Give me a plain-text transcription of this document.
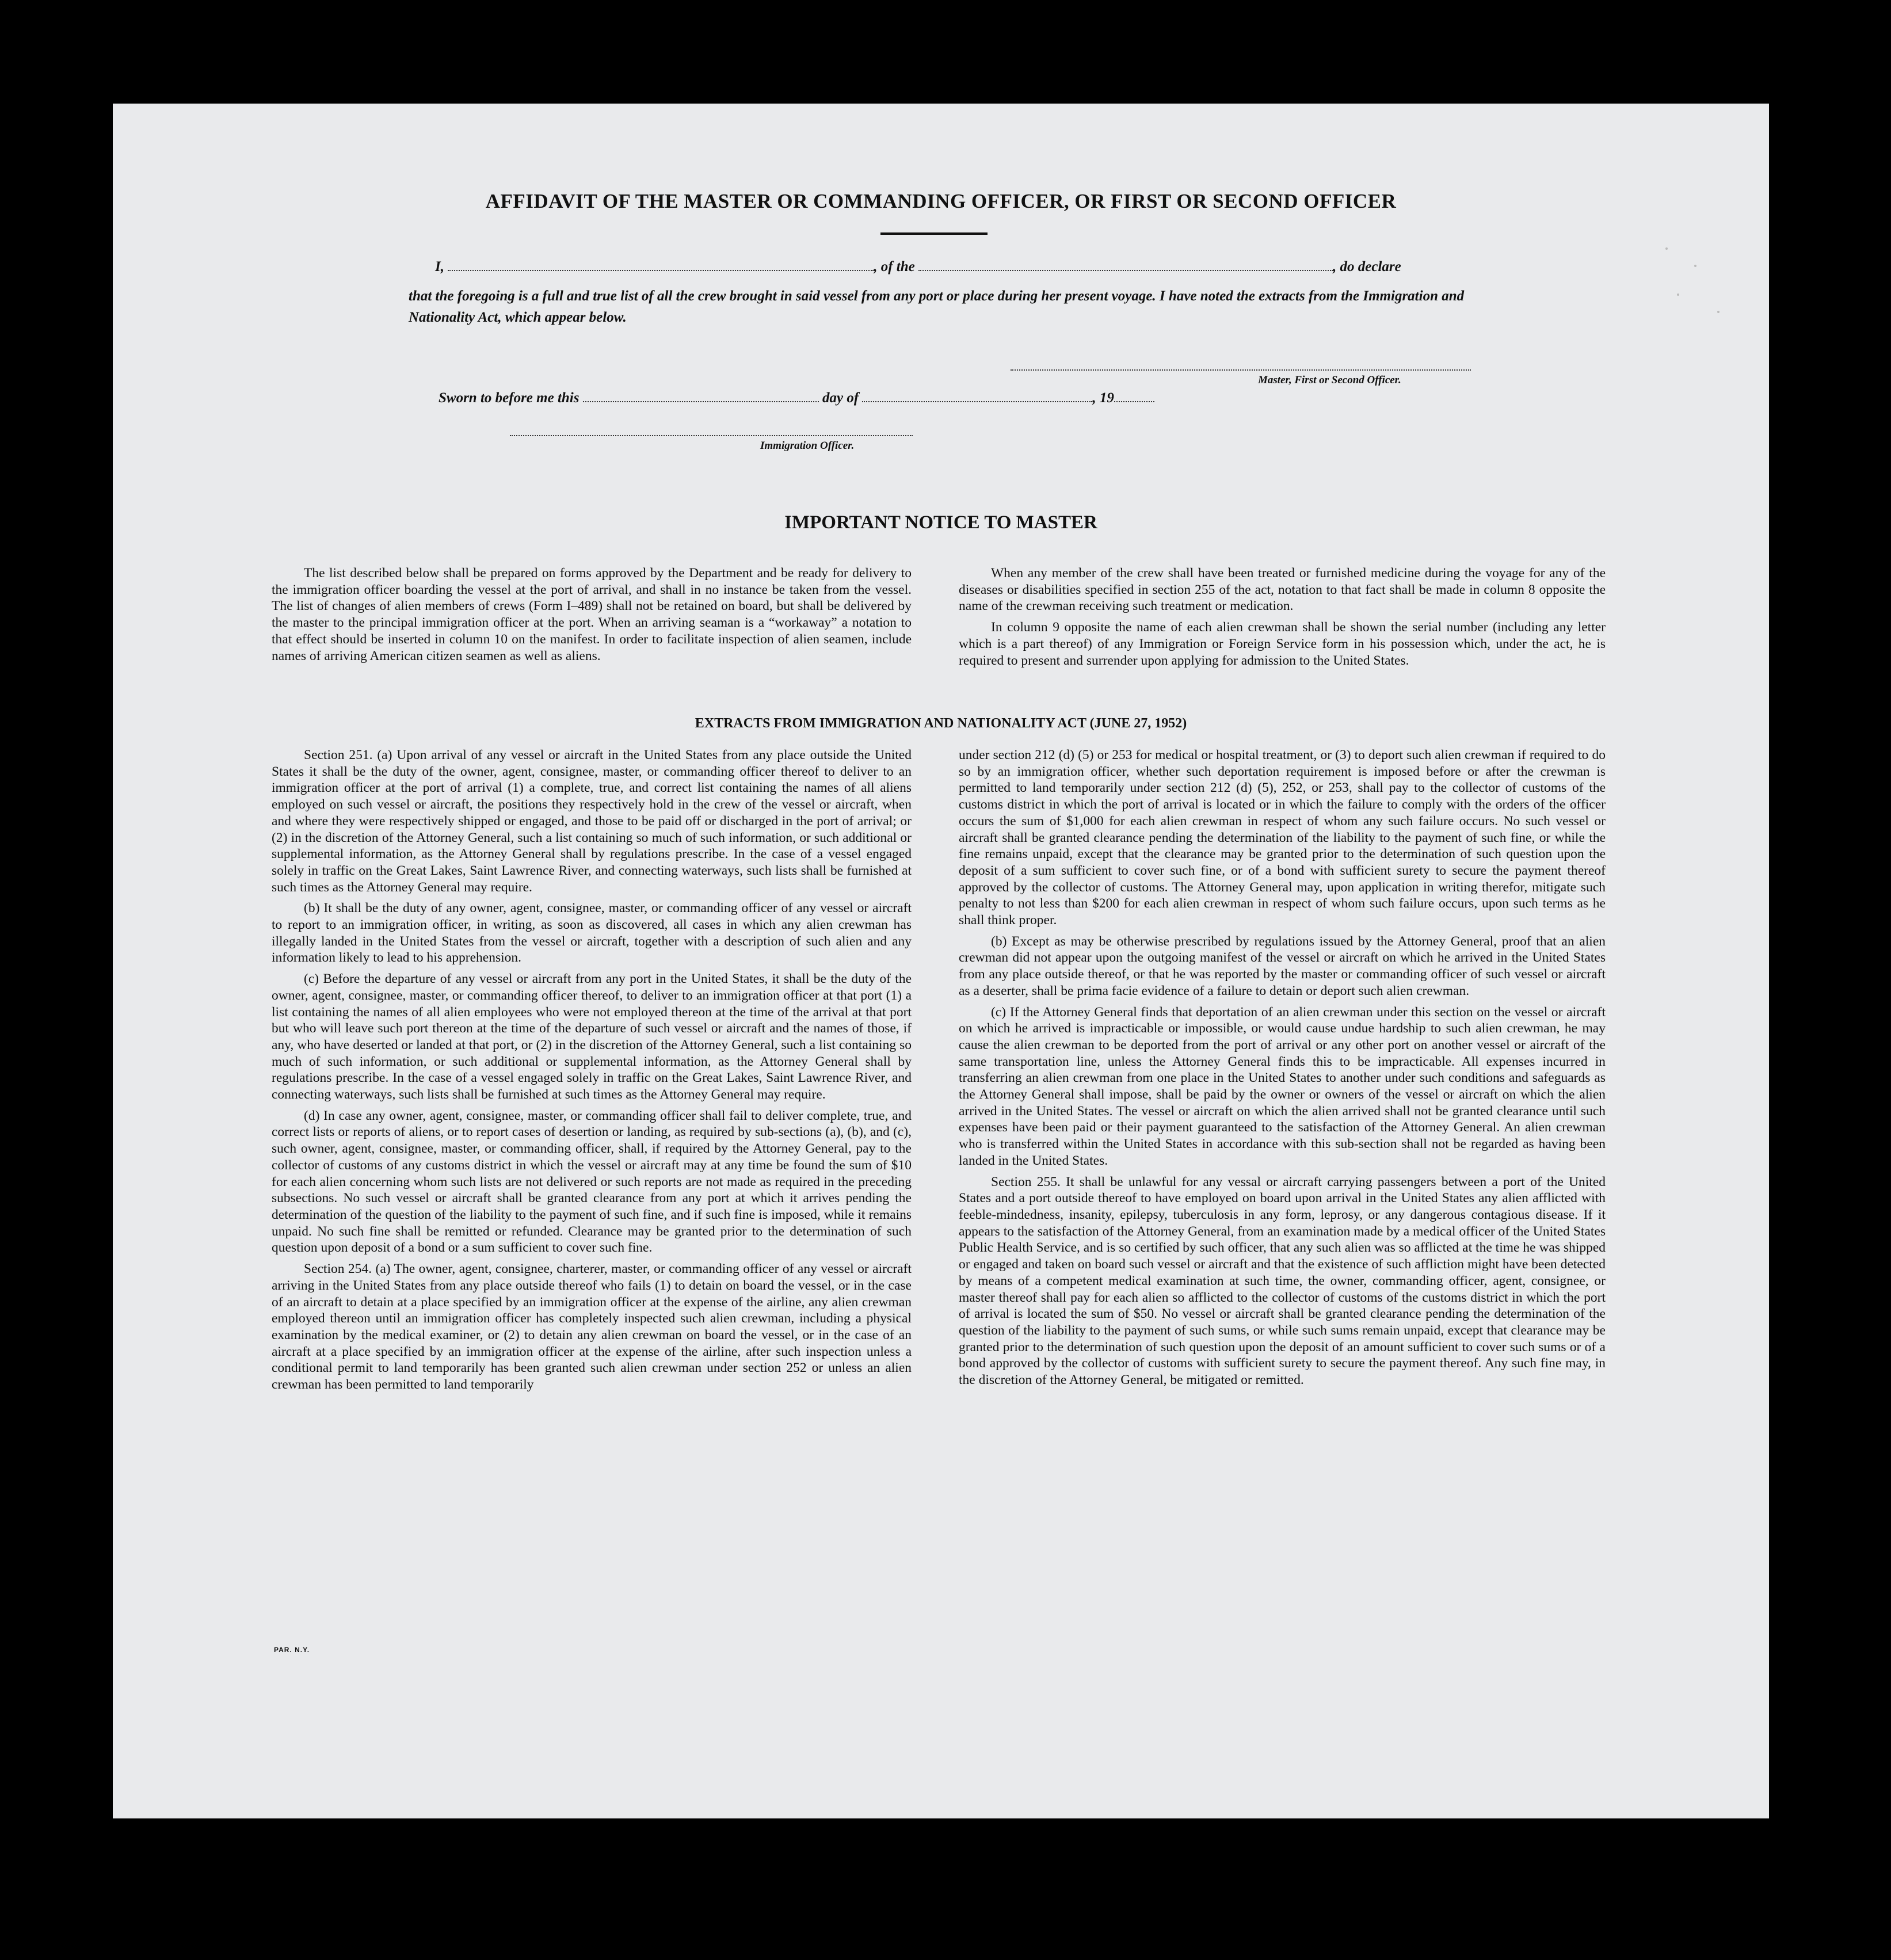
AFFIDAVIT OF THE MASTER OR COMMANDING OFFICER, OR FIRST OR SECOND OFFICER
I,	, of the	, do declare
that the foregoing is a full and true list of all the crew brought in said vessel from any port or place during her present voyage. I have noted the extracts from the Immigration and Nationality Act, which appear below.
Master, First or Second Officer.
Sworn to before me this	day of	, 19
Immigration Officer.
IMPORTANT NOTICE TO MASTER

The list described below shall be prepared on forms approved by the Department and be ready for delivery to the immigration officer boarding the vessel at the port of arrival, and shall in no instance be taken from the vessel. The list of changes of alien members of crews (Form I–489) shall not be retained on board, but shall be delivered by the master to the principal immigration officer at the port. When an arriving seaman is a “workaway” a notation to that effect should be inserted in column 10 on the manifest. In order to facilitate inspection of alien seamen, include names of arriving American citizen seamen as well as aliens.

When any member of the crew shall have been treated or furnished medicine during the voyage for any of the diseases or disabilities specified in section 255 of the act, notation to that fact shall be made in column 8 opposite the name of the crewman receiving such treatment or medication.

In column 9 opposite the name of each alien crewman shall be shown the serial number (including any letter which is a part thereof) of any Immigration or Foreign Service form in his possession which, under the act, he is required to present and surrender upon applying for admission to the United States.

EXTRACTS FROM IMMIGRATION AND NATIONALITY ACT (JUNE 27, 1952)

Section 251. (a) Upon arrival of any vessel or aircraft in the United States from any place outside the United States it shall be the duty of the owner, agent, consignee, master, or commanding officer thereof to deliver to an immigration officer at the port of arrival (1) a complete, true, and correct list containing the names of all aliens employed on such vessel or aircraft, the positions they respectively hold in the crew of the vessel or aircraft, when and where they were respectively shipped or engaged, and those to be paid off or discharged in the port of arrival; or (2) in the discretion of the Attorney General, such a list containing so much of such information, or such additional or supplemental information, as the Attorney General shall by regulations prescribe. In the case of a vessel engaged solely in traffic on the Great Lakes, Saint Lawrence River, and connecting waterways, such lists shall be furnished at such times as the Attorney General may require.

(b) It shall be the duty of any owner, agent, consignee, master, or commanding officer of any vessel or aircraft to report to an immigration officer, in writing, as soon as discovered, all cases in which any alien crewman has illegally landed in the United States from the vessel or aircraft, together with a description of such alien and any information likely to lead to his apprehension.

(c) Before the departure of any vessel or aircraft from any port in the United States, it shall be the duty of the owner, agent, consignee, master, or commanding officer thereof, to deliver to an immigration officer at that port (1) a list containing the names of all alien employees who were not employed thereon at the time of the arrival at that port but who will leave such port thereon at the time of the departure of such vessel or aircraft and the names of those, if any, who have deserted or landed at that port, or (2) in the discretion of the Attorney General, such a list containing so much of such information, or such additional or supplemental information, as the Attorney General shall by regulations prescribe. In the case of a vessel engaged solely in traffic on the Great Lakes, Saint Lawrence River, and connecting waterways, such lists shall be furnished at such times as the Attorney General may require.

(d) In case any owner, agent, consignee, master, or commanding officer shall fail to deliver complete, true, and correct lists or reports of aliens, or to report cases of desertion or landing, as required by sub-sections (a), (b), and (c), such owner, agent, consignee, master, or commanding officer, shall, if required by the Attorney General, pay to the collector of customs of any customs district in which the vessel or aircraft may at any time be found the sum of $10 for each alien concerning whom such lists are not delivered or such reports are not made as required in the preceding subsections. No such vessel or aircraft shall be granted clearance from any port at which it arrives pending the determination of the question of the liability to the payment of such fine, and if such fine is imposed, while it remains unpaid. No such fine shall be remitted or refunded. Clearance may be granted prior to the determination of such question upon deposit of a bond or a sum sufficient to cover such fine.

Section 254. (a) The owner, agent, consignee, charterer, master, or commanding officer of any vessel or aircraft arriving in the United States from any place outside thereof who fails (1) to detain on board the vessel, or in the case of an aircraft to detain at a place specified by an immigration officer at the expense of the airline, any alien crewman employed thereon until an immigration officer has completely inspected such alien crewman, including a physical examination by the medical examiner, or (2) to detain any alien crewman on board the vessel, or in the case of an aircraft at a place specified by an immigration officer at the expense of the airline, after such inspection unless a conditional permit to land temporarily has been granted such alien crewman under section 252 or unless an alien crewman has been permitted to land temporarily

under section 212 (d) (5) or 253 for medical or hospital treatment, or (3) to deport such alien crewman if required to do so by an immigration officer, whether such deportation requirement is imposed before or after the crewman is permitted to land temporarily under section 212 (d) (5), 252, or 253, shall pay to the collector of customs of the customs district in which the port of arrival is located or in which the failure to comply with the orders of the officer occurs the sum of $1,000 for each alien crewman in respect of whom any such failure occurs. No such vessel or aircraft shall be granted clearance pending the determination of the liability to the payment of such fine, or while the fine remains unpaid, except that the clearance may be granted prior to the determination of such question upon the deposit of a sum sufficient to cover such fine, or of a bond with sufficient surety to secure the payment thereof approved by the collector of customs. The Attorney General may, upon application in writing therefor, mitigate such penalty to not less than $200 for each alien crewman in respect of whom such failure occurs, upon such terms as he shall think proper.

(b) Except as may be otherwise prescribed by regulations issued by the Attorney General, proof that an alien crewman did not appear upon the outgoing manifest of the vessel or aircraft on which he arrived in the United States from any place outside thereof, or that he was reported by the master or commanding officer of such vessel or aircraft as a deserter, shall be prima facie evidence of a failure to detain or deport such alien crewman.

(c) If the Attorney General finds that deportation of an alien crewman under this section on the vessel or aircraft on which he arrived is impracticable or impossible, or would cause undue hardship to such alien crewman, he may cause the alien crewman to be deported from the port of arrival or any other port on another vessel or aircraft of the same transportation line, unless the Attorney General finds this to be impracticable. All expenses incurred in transferring an alien crewman from one place in the United States to another under such conditions and safeguards as the Attorney General shall impose, shall be paid by the owner or owners of the vessel or aircraft on which the alien arrived in the United States. The vessel or aircraft on which the alien arrived shall not be granted clearance until such expenses have been paid or their payment guaranteed to the satisfaction of the Attorney General. An alien crewman who is transferred within the United States in accordance with this sub-section shall not be regarded as having been landed in the United States.

Section 255. It shall be unlawful for any vessal or aircraft carrying passengers between a port of the United States and a port outside thereof to have employed on board upon arrival in the United States any alien afflicted with feeble-mindedness, insanity, epilepsy, tuberculosis in any form, leprosy, or any dangerous contagious disease. If it appears to the satisfaction of the Attorney General, from an examination made by a medical officer of the United States Public Health Service, and is so certified by such officer, that any such alien was so afflicted at the time he was shipped or engaged and taken on board such vessel or aircraft and that the existence of such affliction might have been detected by means of a competent medical examination at such time, the owner, commanding officer, agent, consignee, or master thereof shall pay for each alien so afflicted to the collector of customs of the customs district in which the port of arrival is located the sum of $50. No vessel or aircraft shall be granted clearance pending the determination of the question of the liability to the payment of such sums, or while such sums remain unpaid, except that clearance may be granted prior to the determination of such question upon the deposit of an amount sufficient to cover such sums or of a bond approved by the collector of customs with sufficient surety to secure the payment thereof. Any such fine may, in the discretion of the Attorney General, be mitigated or remitted.

PAR. N.Y.
